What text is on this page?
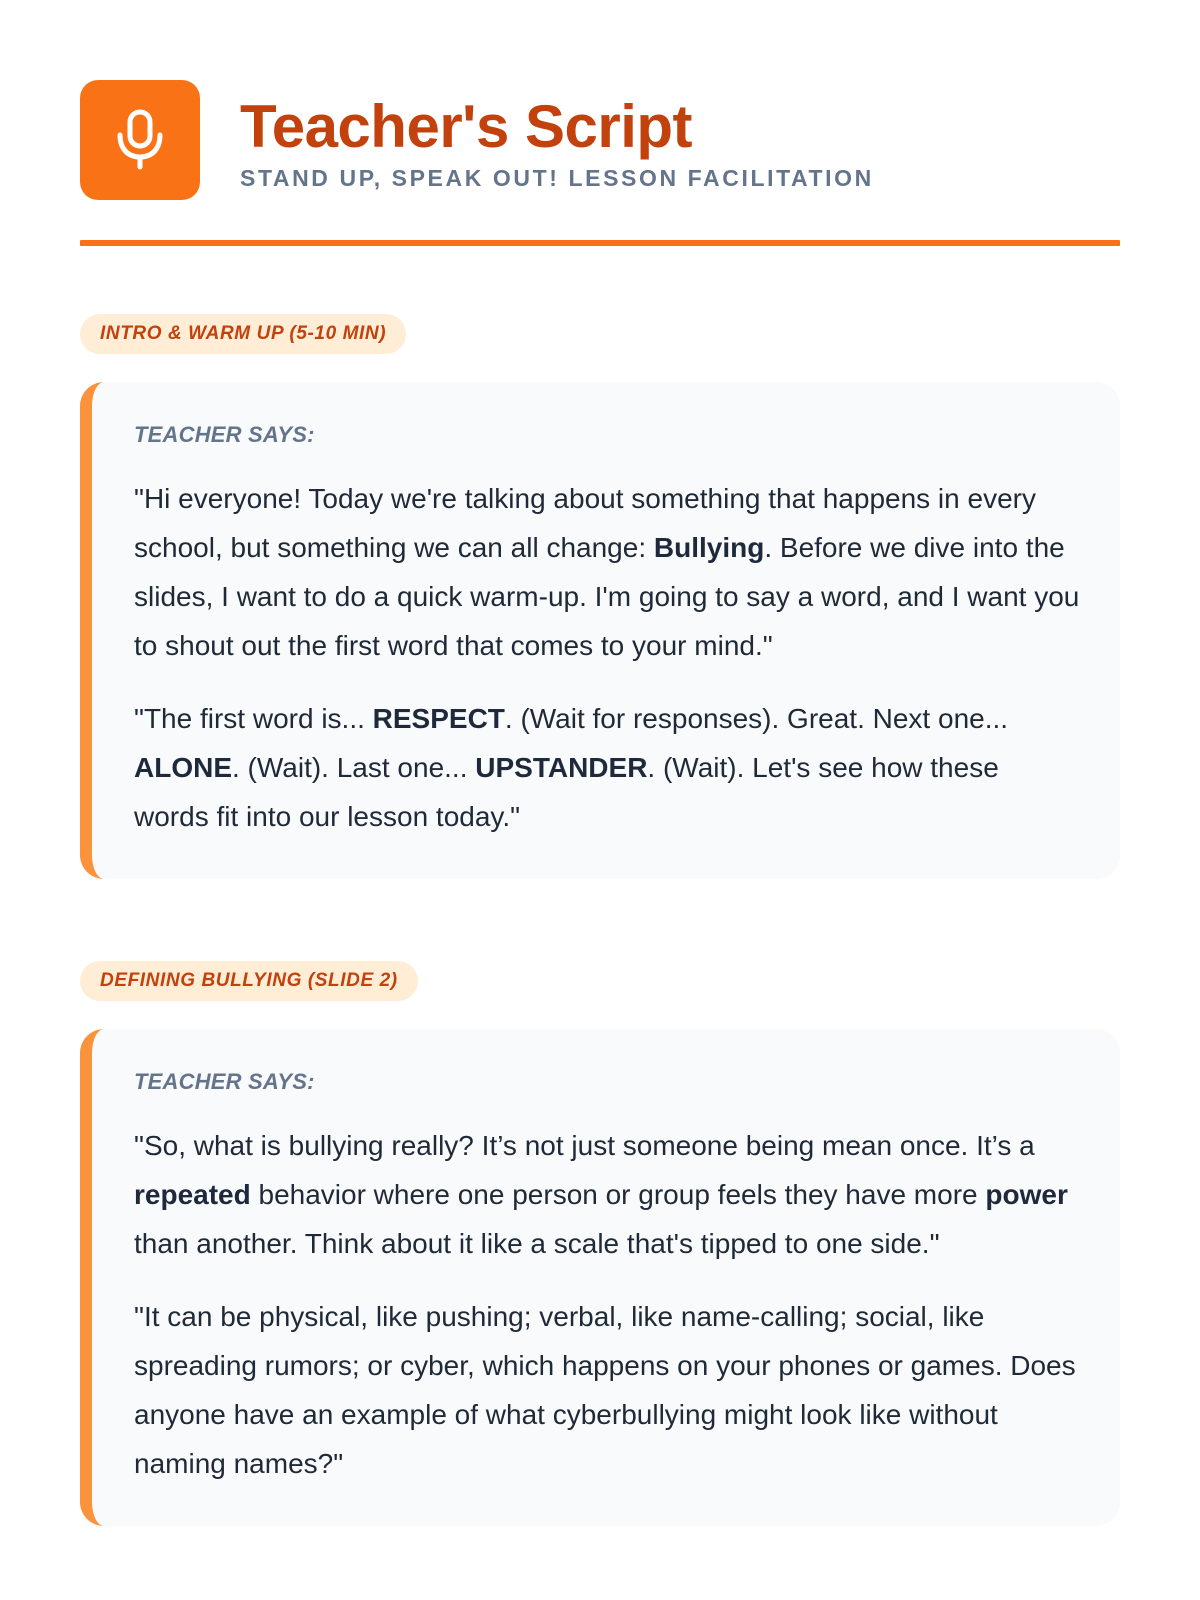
Teacher's Script
STAND UP, SPEAK OUT! LESSON FACILITATION
INTRO & WARM UP (5-10 MIN)
TEACHER SAYS:

"Hi everyone! Today we're talking about something that happens in every school, but something we can all change: Bullying. Before we dive into the slides, I want to do a quick warm-up. I'm going to say a word, and I want you to shout out the first word that comes to your mind."

"The first word is... RESPECT. (Wait for responses). Great. Next one... ALONE. (Wait). Last one... UPSTANDER. (Wait). Let's see how these words fit into our lesson today."

DEFINING BULLYING (SLIDE 2)
TEACHER SAYS:

"So, what is bullying really? It’s not just someone being mean once. It’s a repeated behavior where one person or group feels they have more power than another. Think about it like a scale that's tipped to one side."

"It can be physical, like pushing; verbal, like name-calling; social, like spreading rumors; or cyber, which happens on your phones or games. Does anyone have an example of what cyberbullying might look like without naming names?"
